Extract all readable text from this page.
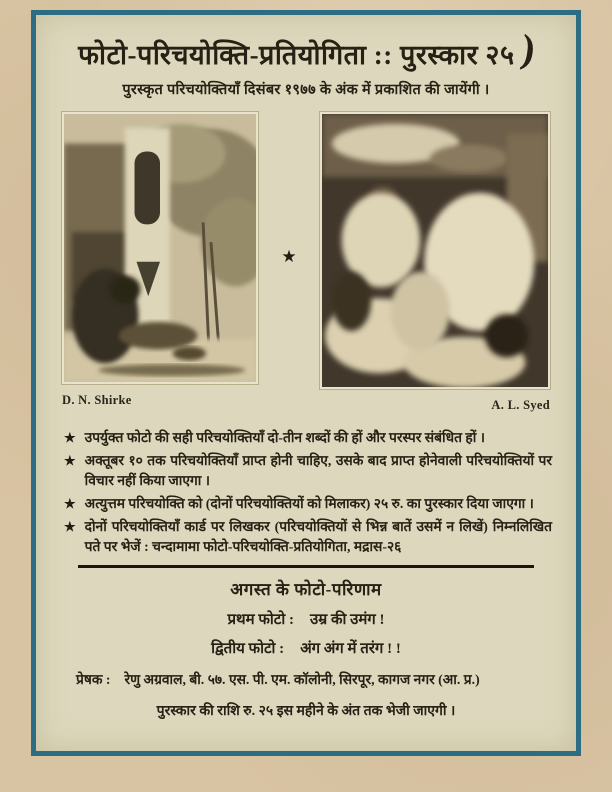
फोटो-परिचयोक्ति-प्रतियोगिता :: पुरस्कार २५ )
पुरस्कृत परिचयोक्तियाँ दिसंबर १९७७ के अंक में प्रकाशित की जायेंगी ।
D. N. Shirke
★
A. L. Syed
★ उपर्युक्त फोटो की सही परिचयोक्तियाँ दो-तीन शब्दों की हों और परस्पर संबंधित हों ।
★ अक्तूबर १० तक परिचयोक्तियाँ प्राप्त होनी चाहिए, उसके बाद प्राप्त होनेवाली परिचयोक्तियों पर विचार नहीं किया जाएगा ।
★ अत्युत्तम परिचयोक्ति को (दोनों परिचयोक्तियों को मिलाकर) २५ रु. का पुरस्कार दिया जाएगा ।
★ दोनों परिचयोक्तियाँ कार्ड पर लिखकर (परिचयोक्तियों से भिन्न बातें उसमें न लिखें) निम्नलिखित पते पर भेजें : चन्दामामा फोटो-परिचयोक्ति-प्रतियोगिता, मद्रास-२६
अगस्त के फोटो-परिणाम
प्रथम फोटो : उम्र की उमंग !
द्वितीय फोटो : अंग अंग में तरंग ! !
प्रेषक : रेणु अग्रवाल, बी. ५७. एस. पी. एम. कॉलोनी, सिरपूर, कागज नगर (आ. प्र.)
पुरस्कार की राशि रु. २५ इस महीने के अंत तक भेजी जाएगी ।
